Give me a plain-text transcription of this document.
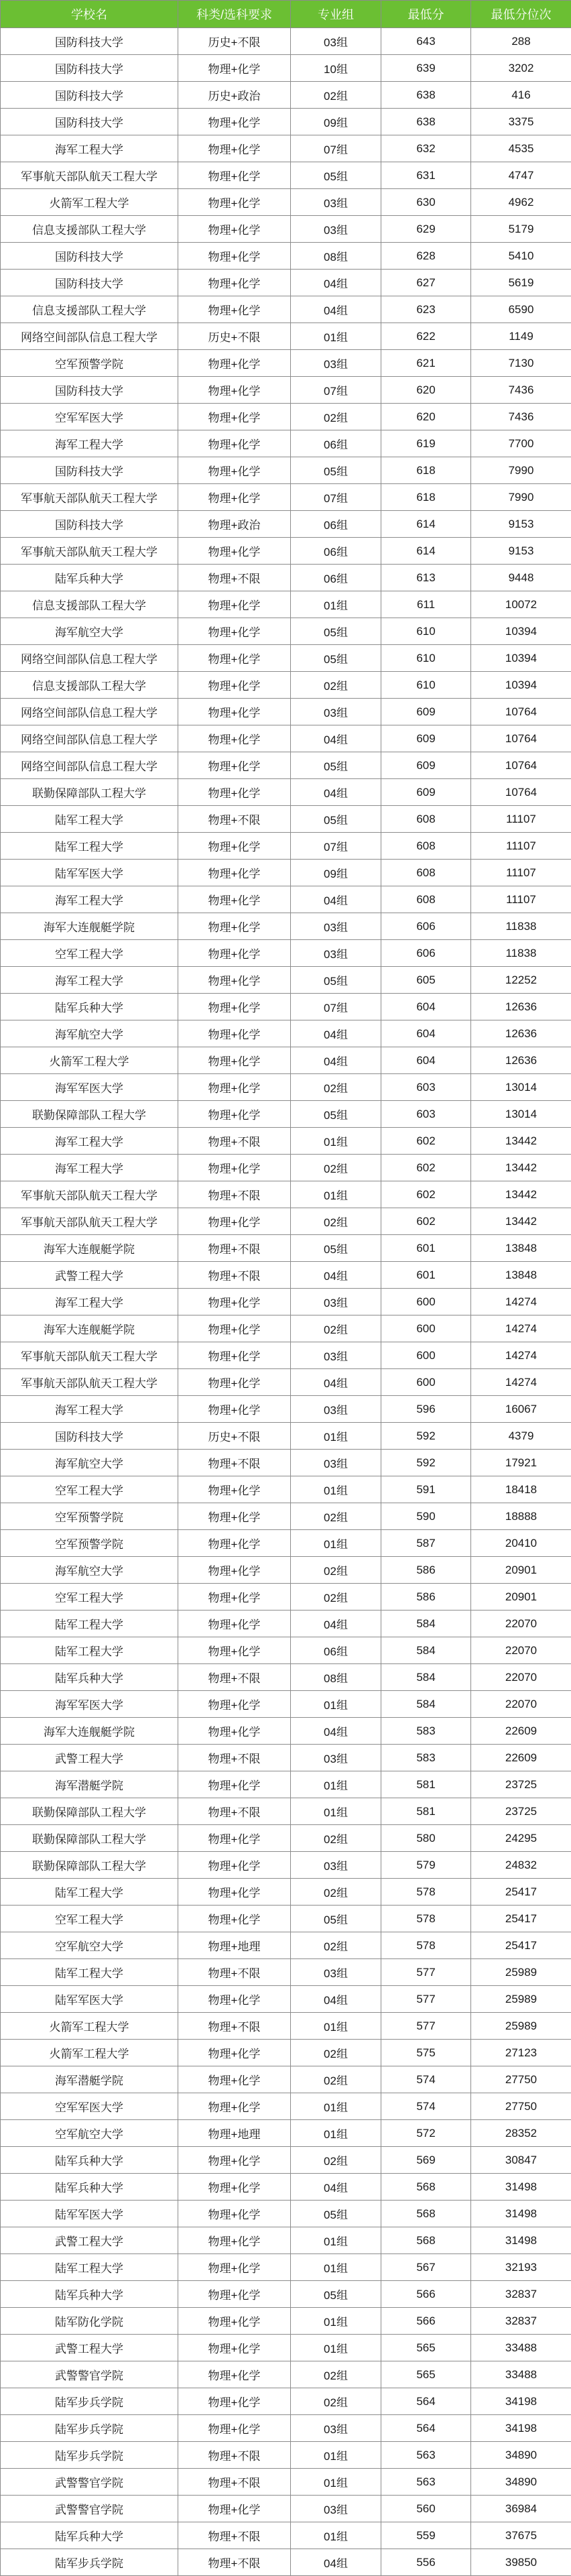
学校名	科类/选科要求	专业组	最低分	最低分位次
国防科技大学	历史+不限	03组	643	288
国防科技大学	物理+化学	10组	639	3202
国防科技大学	历史+政治	02组	638	416
国防科技大学	物理+化学	09组	638	3375
海军工程大学	物理+化学	07组	632	4535
军事航天部队航天工程大学	物理+化学	05组	631	4747
火箭军工程大学	物理+化学	03组	630	4962
信息支援部队工程大学	物理+化学	03组	629	5179
国防科技大学	物理+化学	08组	628	5410
国防科技大学	物理+化学	04组	627	5619
信息支援部队工程大学	物理+化学	04组	623	6590
网络空间部队信息工程大学	历史+不限	01组	622	1149
空军预警学院	物理+化学	03组	621	7130
国防科技大学	物理+化学	07组	620	7436
空军军医大学	物理+化学	02组	620	7436
海军工程大学	物理+化学	06组	619	7700
国防科技大学	物理+化学	05组	618	7990
军事航天部队航天工程大学	物理+化学	07组	618	7990
国防科技大学	物理+政治	06组	614	9153
军事航天部队航天工程大学	物理+化学	06组	614	9153
陆军兵种大学	物理+不限	06组	613	9448
信息支援部队工程大学	物理+化学	01组	611	10072
海军航空大学	物理+化学	05组	610	10394
网络空间部队信息工程大学	物理+化学	05组	610	10394
信息支援部队工程大学	物理+化学	02组	610	10394
网络空间部队信息工程大学	物理+化学	03组	609	10764
网络空间部队信息工程大学	物理+化学	04组	609	10764
网络空间部队信息工程大学	物理+化学	05组	609	10764
联勤保障部队工程大学	物理+化学	04组	609	10764
陆军工程大学	物理+不限	05组	608	11107
陆军工程大学	物理+化学	07组	608	11107
陆军军医大学	物理+化学	09组	608	11107
海军工程大学	物理+化学	04组	608	11107
海军大连舰艇学院	物理+化学	03组	606	11838
空军工程大学	物理+化学	03组	606	11838
海军工程大学	物理+化学	05组	605	12252
陆军兵种大学	物理+化学	07组	604	12636
海军航空大学	物理+化学	04组	604	12636
火箭军工程大学	物理+化学	04组	604	12636
海军军医大学	物理+化学	02组	603	13014
联勤保障部队工程大学	物理+化学	05组	603	13014
海军工程大学	物理+不限	01组	602	13442
海军工程大学	物理+化学	02组	602	13442
军事航天部队航天工程大学	物理+不限	01组	602	13442
军事航天部队航天工程大学	物理+化学	02组	602	13442
海军大连舰艇学院	物理+不限	05组	601	13848
武警工程大学	物理+不限	04组	601	13848
海军工程大学	物理+化学	03组	600	14274
海军大连舰艇学院	物理+化学	02组	600	14274
军事航天部队航天工程大学	物理+化学	03组	600	14274
军事航天部队航天工程大学	物理+化学	04组	600	14274
海军工程大学	物理+化学	03组	596	16067
国防科技大学	历史+不限	01组	592	4379
海军航空大学	物理+不限	03组	592	17921
空军工程大学	物理+化学	01组	591	18418
空军预警学院	物理+化学	02组	590	18888
空军预警学院	物理+化学	01组	587	20410
海军航空大学	物理+化学	02组	586	20901
空军工程大学	物理+化学	02组	586	20901
陆军工程大学	物理+化学	04组	584	22070
陆军工程大学	物理+化学	06组	584	22070
陆军兵种大学	物理+不限	08组	584	22070
海军军医大学	物理+化学	01组	584	22070
海军大连舰艇学院	物理+化学	04组	583	22609
武警工程大学	物理+不限	03组	583	22609
海军潜艇学院	物理+化学	01组	581	23725
联勤保障部队工程大学	物理+不限	01组	581	23725
联勤保障部队工程大学	物理+化学	02组	580	24295
联勤保障部队工程大学	物理+化学	03组	579	24832
陆军工程大学	物理+化学	02组	578	25417
空军工程大学	物理+化学	05组	578	25417
空军航空大学	物理+地理	02组	578	25417
陆军工程大学	物理+不限	03组	577	25989
陆军军医大学	物理+化学	04组	577	25989
火箭军工程大学	物理+不限	01组	577	25989
火箭军工程大学	物理+化学	02组	575	27123
海军潜艇学院	物理+化学	02组	574	27750
空军军医大学	物理+化学	01组	574	27750
空军航空大学	物理+地理	01组	572	28352
陆军兵种大学	物理+化学	02组	569	30847
陆军兵种大学	物理+化学	04组	568	31498
陆军军医大学	物理+化学	05组	568	31498
武警工程大学	物理+化学	01组	568	31498
陆军工程大学	物理+化学	01组	567	32193
陆军兵种大学	物理+化学	05组	566	32837
陆军防化学院	物理+化学	01组	566	32837
武警工程大学	物理+化学	01组	565	33488
武警警官学院	物理+化学	02组	565	33488
陆军步兵学院	物理+化学	02组	564	34198
陆军步兵学院	物理+化学	03组	564	34198
陆军步兵学院	物理+不限	01组	563	34890
武警警官学院	物理+不限	01组	563	34890
武警警官学院	物理+化学	03组	560	36984
陆军兵种大学	物理+不限	01组	559	37675
陆军步兵学院	物理+不限	04组	556	39850
